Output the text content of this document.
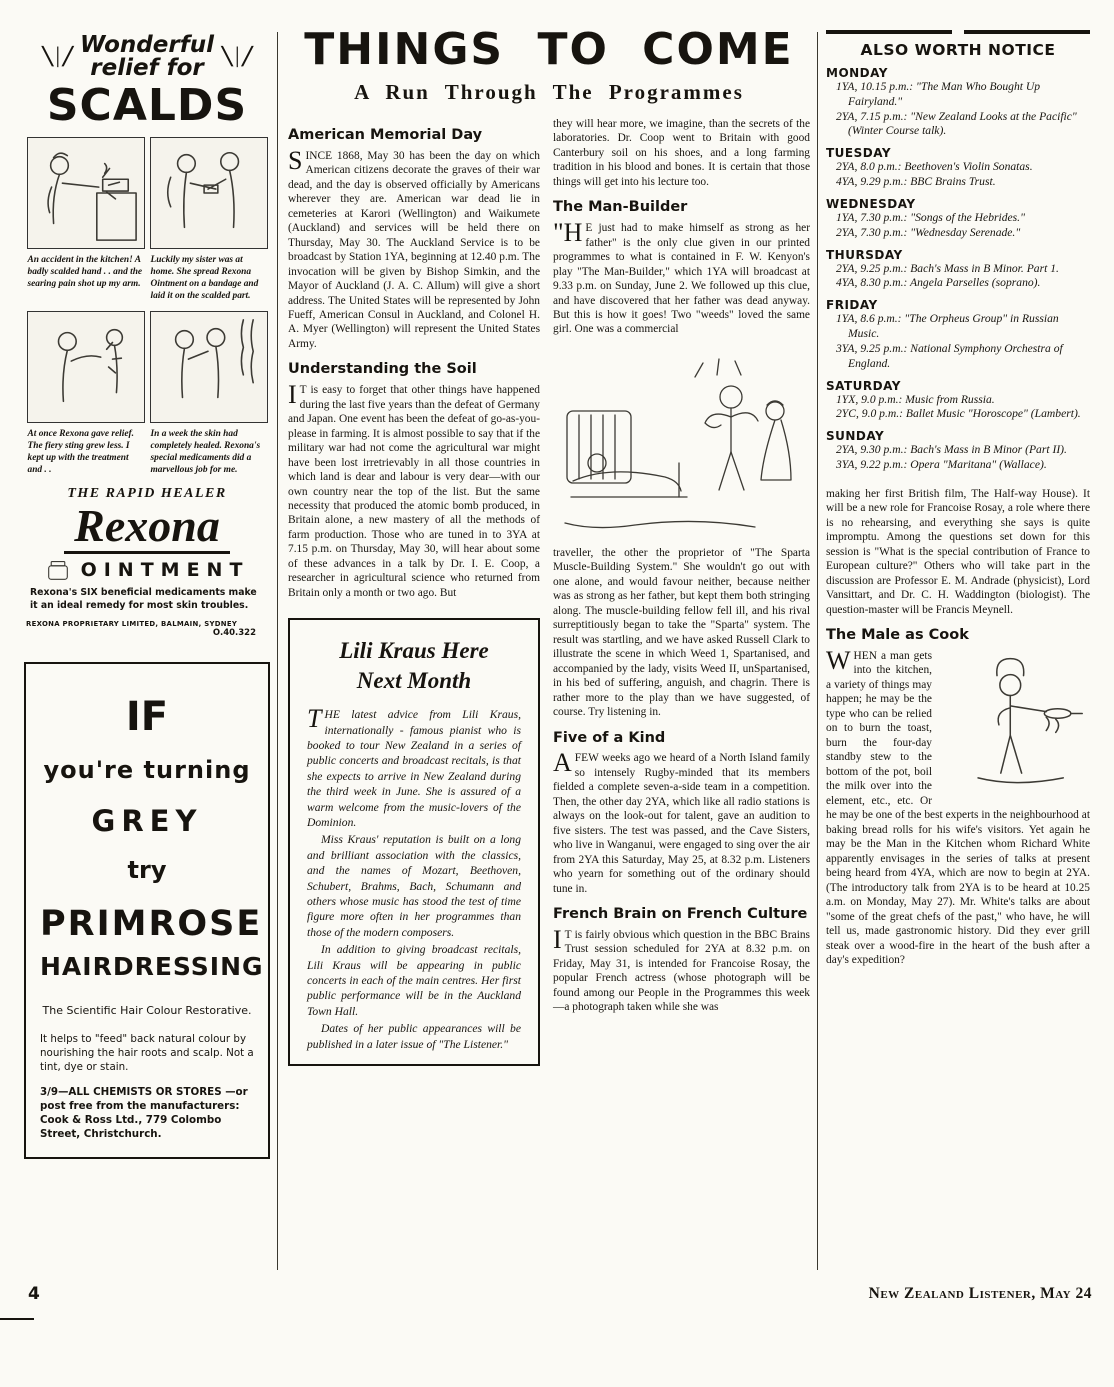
╲│╱ Wonderful
relief for	╲│╱
SCALDS
An accident in the kitchen! A badly scalded hand . . and the searing pain shot up my arm.
Luckily my sister was at home. She spread Rexona Ointment on a bandage and laid it on the scalded part.
At once Rexona gave relief. The fiery sting grew less. I kept up with the treatment and . .
In a week the skin had completely healed. Rexona's special medicaments did a marvellous job for me.
THE RAPID HEALER
Rexona
OINTMENT
Rexona's SIX beneficial medicaments make it an ideal remedy for most skin troubles.
REXONA PROPRIETARY LIMITED, BALMAIN, SYDNEY
O.40.322
IF
you're turning
GREY
try
PRIMROSE
HAIRDRESSING
The Scientific Hair Colour Restorative.
It helps to "feed" back natural colour by nourishing the hair roots and scalp. Not a tint, dye or stain.
3/9—ALL CHEMISTS OR STORES —or post free from the manufacturers: Cook & Ross Ltd., 779 Colombo Street, Christchurch.
THINGS TO COME
A Run Through The Programmes
American Memorial Day

SINCE 1868, May 30 has been the day on which American citizens decorate the graves of their war dead, and the day is observed officially by Americans wherever they are. American war dead lie in cemeteries at Karori (Wellington) and Waikumete (Auckland) and services will be held there on Thursday, May 30. The Auckland Service is to be broadcast by Station 1YA, beginning at 12.40 p.m. The invocation will be given by Bishop Simkin, and the Mayor of Auckland (J. A. C. Allum) will give a short address. The United States will be represented by John Fueff, American Consul in Auckland, and Colonel H. A. Myer (Wellington) will represent the United States Army.

Understanding the Soil

IT is easy to forget that other things have happened during the last five years than the defeat of Germany and Japan. One event has been the defeat of go-as-you-please in farming. It is almost possible to say that if the military war had not come the agricultural war might have been lost irretrievably in all those countries in which land is dear and labour is very dear—with our own country near the top of the list. But the same necessity that produced the atomic bomb produced, in Britain alone, a new mastery of all the methods of farm production. Those who are tuned in to 3YA at 7.15 p.m. on Thursday, May 30, will hear about some of these advances in a talk by Dr. I. E. Coop, a researcher in agricultural science who returned from Britain only a month or two ago. But

Lili Kraus Here
Next Month

THE latest advice from Lili Kraus, internationally - famous pianist who is booked to tour New Zealand in a series of public concerts and broadcast recitals, is that she expects to arrive in New Zealand during the third week in June. She is assured of a warm welcome from the music-lovers of the Dominion.

Miss Kraus' reputation is built on a long and brilliant association with the classics, and the names of Mozart, Beethoven, Schubert, Brahms, Bach, Schumann and others whose music has stood the test of time figure more often in her programmes than those of the modern composers.

In addition to giving broadcast recitals, Lili Kraus will be appearing in public concerts in each of the main centres. Her first public performance will be in the Auckland Town Hall.

Dates of her public appearances will be published in a later issue of "The Listener."

they will hear more, we imagine, than the secrets of the laboratories. Dr. Coop went to Britain with good Canterbury soil on his shoes, and a long farming tradition in his blood and bones. It is certain that those things will get into his lecture too.

The Man-Builder

"HE just had to make himself as strong as her father" is the only clue given in our printed programmes to what is contained in F. W. Kenyon's play "The Man-Builder," which 1YA will broadcast at 9.33 p.m. on Sunday, June 2. We followed up this clue, and have discovered that her father was dead anyway. But this is how it goes! Two "weeds" loved the same girl. One was a commercial

traveller, the other the proprietor of "The Sparta Muscle-Building System." She wouldn't go out with one alone, and would favour neither, because neither was as strong as her father, but kept them both stringing along. The muscle-building fellow fell ill, and his rival surreptitiously began to take the "Sparta" system. The result was startling, and we have asked Russell Clark to illustrate the scene in which Weed 1, Spartanised, and accompanied by the lady, visits Weed II, unSpartanised, in his bed of suffering, anguish, and chagrin. There is rather more to the play than we have suggested, of course. Try listening in.

Five of a Kind

AFEW weeks ago we heard of a North Island family so intensely Rugby-minded that its members fielded a complete seven-a-side team in a competition. Then, the other day 2YA, which like all radio stations is always on the look-out for talent, gave an audition to five sisters. The test was passed, and the Cave Sisters, who live in Wanganui, were engaged to sing over the air from 2YA this Saturday, May 25, at 8.32 p.m. Listeners who yearn for something out of the ordinary should tune in.

French Brain on French Culture

IT is fairly obvious which question in the BBC Brains Trust session scheduled for 2YA at 8.32 p.m. on Friday, May 31, is intended for Francoise Rosay, the popular French actress (whose photograph will be found among our People in the Programmes this week —a photograph taken while she was

ALSO WORTH NOTICE
MONDAY
1YA, 10.15 p.m.: "The Man Who Bought Up Fairyland."
2YA, 7.15 p.m.: "New Zealand Looks at the Pacific" (Winter Course talk).
TUESDAY
2YA, 8.0 p.m.: Beethoven's Violin Sonatas.
4YA, 9.29 p.m.: BBC Brains Trust.
WEDNESDAY
1YA, 7.30 p.m.: "Songs of the Hebrides."
2YA, 7.30 p.m.: "Wednesday Serenade."
THURSDAY
2YA, 9.25 p.m.: Bach's Mass in B Minor. Part 1.
4YA, 8.30 p.m.: Angela Parselles (soprano).
FRIDAY
1YA, 8.6 p.m.: "The Orpheus Group" in Russian Music.
3YA, 9.25 p.m.: National Symphony Orchestra of England.
SATURDAY
1YX, 9.0 p.m.: Music from Russia.
2YC, 9.0 p.m.: Ballet Music "Horoscope" (Lambert).
SUNDAY
2YA, 9.30 p.m.: Bach's Mass in B Minor (Part II).
3YA, 9.22 p.m.: Opera "Maritana" (Wallace).

making her first British film, The Half-way House). It will be a new role for Francoise Rosay, a role where there is no rehearsing, and everything she says is quite impromptu. Among the questions set down for this session is "What is the special contribution of France to European culture?" Others who will take part in the discussion are Professor E. M. Andrade (physicist), Lord Vansittart, and Dr. C. H. Waddington (biologist). The question-master will be Francis Meynell.

The Male as Cook

WHEN a man gets into the kitchen, a variety of things may happen; he may be the type who can be relied on to burn the toast, burn the four-day standby stew to the bottom of the pot, boil the milk over into the element, etc., etc. Or he may be one of the best experts in the neighbourhood at baking bread rolls for his wife's visitors. Yet again he may be the Man in the Kitchen whom Richard White apparently envisages in the series of talks at present being heard from 4YA, which are now to begin at 2YA. (The introductory talk from 2YA is to be heard at 10.25 a.m. on Monday, May 27). Mr. White's talks are about "some of the great chefs of the past," who have, he will tell us, made gastronomic history. Did they ever grill steak over a wood-fire in the heart of the bush after a day's expedition?

4	New Zealand Listener, May 24
